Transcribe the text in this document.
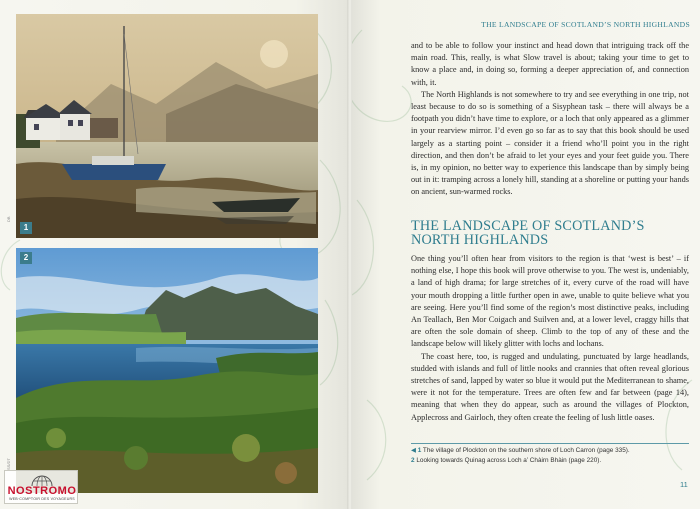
1
DB
2
SS/DT
NOSTROMO
WEB·COMPTOIR DES VOYAGEURS
THE LANDSCAPE OF SCOTLAND’S NORTH HIGHLANDS

and to be able to follow your instinct and head down that intriguing track off the main road. This, really, is what Slow travel is about; taking your time to get to know a place and, in doing so, forming a deeper appreciation of, and connection with, it.

The North Highlands is not somewhere to try and see everything in one trip, not least because to do so is something of a Sisyphean task – there will always be a footpath you didn’t have time to explore, or a loch that only appeared as a glimmer in your rearview mirror. I’d even go so far as to say that this book should be used largely as a starting point – consider it a friend who’ll point you in the right direction, and then don’t be afraid to let your eyes and your feet guide you. There is, in my opinion, no better way to experience this landscape than by simply being out in it: tramping across a lonely hill, standing at a shoreline or putting your hands on ancient, sun-warmed rocks.

THE LANDSCAPE OF SCOTLAND’S
NORTH HIGHLANDS

One thing you’ll often hear from visitors to the region is that ‘west is best’ – if nothing else, I hope this book will prove otherwise to you. The west is, undeniably, a land of high drama; for large stretches of it, every curve of the road will have your mouth dropping a little further open in awe, unable to quite believe what you are seeing. Here you’ll find some of the region’s most distinctive peaks, including An Teallach, Ben Mor Coigach and Suilven and, at a lower level, craggy hills that are often the sole domain of sheep. Climb to the top of any of these and the landscape below will likely glitter with lochs and lochans.

The coast here, too, is rugged and undulating, punctuated by large headlands, studded with islands and full of little nooks and crannies that often reveal glorious stretches of sand, lapped by water so blue it would put the Mediterranean to shame, were it not for the temperature. Trees are often few and far between (page 14), meaning that when they do appear, such as around the villages of Plockton, Applecross and Gairloch, they often create the feeling of lush little oases.

◀ 1 The village of Plockton on the southern shore of Loch Carron (page 335).
2 Looking towards Quinag across Loch a’ Chàirn Bhàin (page 220).
11
